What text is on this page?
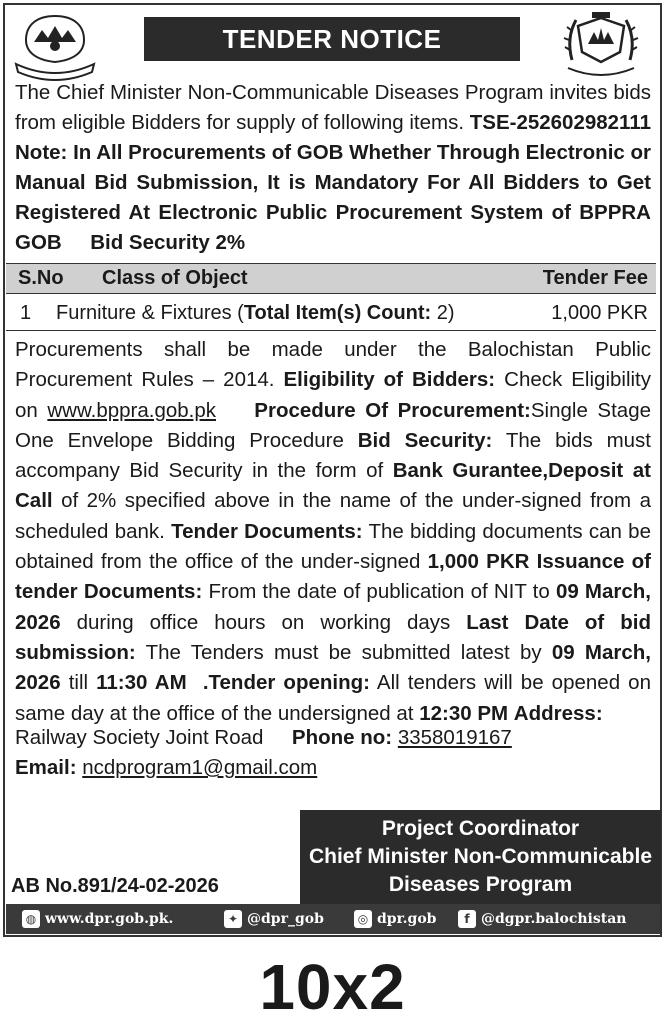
TENDER NOTICE
The Chief Minister Non-Communicable Diseases Program invites bids from eligible Bidders for supply of following items. TSE-252602982111 Note: In All Procurements of GOB Whether Through Electronic or Manual Bid Submission, It is Mandatory For All Bidders to Get Registered At Electronic Public Procurement System of BPPRA GOB Bid Security 2%
S.No Class of Object	Tender Fee
1 Furniture & Fixtures (Total Item(s) Count: 2)	1,000 PKR
Procurements shall be made under the Balochistan Public Procurement Rules – 2014. Eligibility of Bidders: Check Eligibility on www.bppra.gob.pk Procedure Of Procurement:Single Stage One Envelope Bidding Procedure Bid Security: The bids must accompany Bid Security in the form of Bank Gurantee,Deposit at Call of 2% specified above in the name of the under-signed from a scheduled bank. Tender Documents: The bidding documents can be obtained from the office of the under-signed 1,000 PKR Issuance of tender Documents: From the date of publication of NIT to 09 March, 2026 during office hours on working days Last Date of bid submission: The Tenders must be submitted latest by 09 March, 2026 till 11:30 AM .Tender opening: All tenders will be opened on same day at the office of the undersigned at 12:30 PM Address:
Railway Society Joint Road Phone no: 3358019167
Email: ncdprogram1@gmail.com
Project Coordinator
Chief Minister Non-Communicable
Diseases Program
AB No.891/24-02-2026
◍ www.dpr.gob.pk.	✦ @dpr_gob	◎ dpr.gob	f @dgpr.balochistan
10x2
